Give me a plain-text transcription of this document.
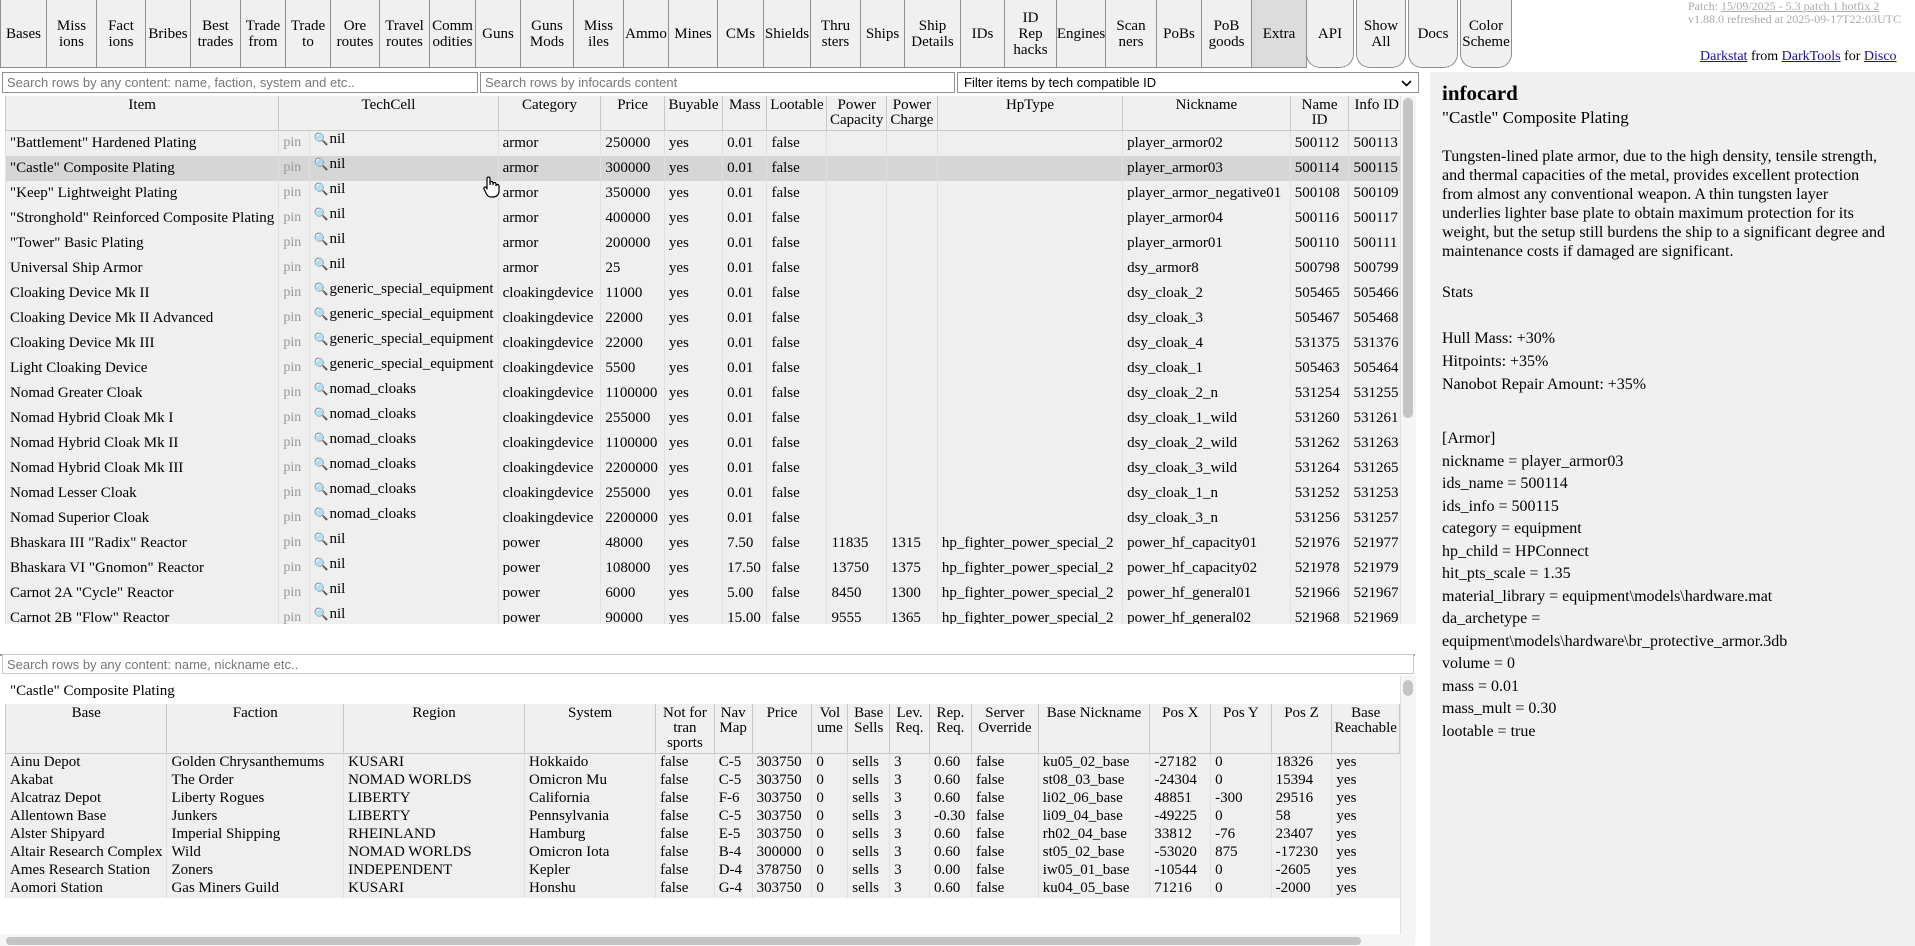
Bases	Miss
ions
Fact
ions Bribes Best
trades
Trade
from
Trade
to
Ore
routes
Travel
routes
Comm
odities Guns	Guns
Mods
Miss
iles	Ammo Mines CMs Shields Thru
sters	Ships	Ship
Details	IDs
ID
Rep
hacks
Engines Scan
ners	PoBs	PoB
goods	Extra	API	Show
All	Docs	Color
Scheme
Patch: 15/09/2025 - 5.3 patch 1 hotfix 2
v1.88.0 refreshed at 2025-09-17T22:03UTC
Darkstat from DarkTools for Disco
Search rows by any content: name, faction, system and etc..
Search rows by infocards content
Filter items by tech compatible ID
Item	TechCell		Category	Price	Buyable	Mass	Lootable	Power
Capacity	Power
Charge	HpType	Nickname	Name ID	Info ID
"Battlement" Hardened Plating	pin	🔍nil	armor	250000	yes	0.01	false				player_armor02	500112	500113
"Castle" Composite Plating	pin	🔍nil	armor	300000	yes	0.01	false				player_armor03	500114	500115
"Keep" Lightweight Plating	pin	🔍nil	armor	350000	yes	0.01	false				player_armor_negative01	500108	500109
"Stronghold" Reinforced Composite Plating	pin	🔍nil	armor	400000	yes	0.01	false				player_armor04	500116	500117
"Tower" Basic Plating	pin	🔍nil	armor	200000	yes	0.01	false				player_armor01	500110	500111
Universal Ship Armor	pin	🔍nil	armor	25	yes	0.01	false				dsy_armor8	500798	500799
Cloaking Device Mk II	pin	🔍generic_special_equipment	cloakingdevice	11000	yes	0.01	false				dsy_cloak_2	505465	505466
Cloaking Device Mk II Advanced	pin	🔍generic_special_equipment	cloakingdevice	22000	yes	0.01	false				dsy_cloak_3	505467	505468
Cloaking Device Mk III	pin	🔍generic_special_equipment	cloakingdevice	22000	yes	0.01	false				dsy_cloak_4	531375	531376
Light Cloaking Device	pin	🔍generic_special_equipment	cloakingdevice	5500	yes	0.01	false				dsy_cloak_1	505463	505464
Nomad Greater Cloak	pin	🔍nomad_cloaks	cloakingdevice	1100000	yes	0.01	false				dsy_cloak_2_n	531254	531255
Nomad Hybrid Cloak Mk I	pin	🔍nomad_cloaks	cloakingdevice	255000	yes	0.01	false				dsy_cloak_1_wild	531260	531261
Nomad Hybrid Cloak Mk II	pin	🔍nomad_cloaks	cloakingdevice	1100000	yes	0.01	false				dsy_cloak_2_wild	531262	531263
Nomad Hybrid Cloak Mk III	pin	🔍nomad_cloaks	cloakingdevice	2200000	yes	0.01	false				dsy_cloak_3_wild	531264	531265
Nomad Lesser Cloak	pin	🔍nomad_cloaks	cloakingdevice	255000	yes	0.01	false				dsy_cloak_1_n	531252	531253
Nomad Superior Cloak	pin	🔍nomad_cloaks	cloakingdevice	2200000	yes	0.01	false				dsy_cloak_3_n	531256	531257
Bhaskara III "Radix" Reactor	pin	🔍nil	power	48000	yes	7.50	false	11835	1315	hp_fighter_power_special_2	power_hf_capacity01	521976	521977
Bhaskara VI "Gnomon" Reactor	pin	🔍nil	power	108000	yes	17.50	false	13750	1375	hp_fighter_power_special_2	power_hf_capacity02	521978	521979
Carnot 2A "Cycle" Reactor	pin	🔍nil	power	6000	yes	5.00	false	8450	1300	hp_fighter_power_special_2	power_hf_general01	521966	521967
Carnot 2B "Flow" Reactor	pin	🔍nil	power	90000	yes	15.00	false	9555	1365	hp_fighter_power_special_2	power_hf_general02	521968	521969
Search rows by any content: name, nickname etc..
"Castle" Composite Plating
Base	Faction	Region	System	Not for
tran
sports	Nav
Map	Price	Vol
ume	Base
Sells	Lev.
Req.	Rep.
Req.	Server
Override	Base Nickname	Pos X	Pos Y	Pos Z	Base
Reachable
Ainu Depot	Golden Chrysanthemums	KUSARI	Hokkaido	false	C-5	303750	0	sells	3	0.60	false	ku05_02_base	-27182	0	18326	yes
Akabat	The Order	NOMAD WORLDS	Omicron Mu	false	C-5	303750	0	sells	3	0.60	false	st08_03_base	-24304	0	15394	yes
Alcatraz Depot	Liberty Rogues	LIBERTY	California	false	F-6	303750	0	sells	3	0.60	false	li02_06_base	48851	-300	29516	yes
Allentown Base	Junkers	LIBERTY	Pennsylvania	false	C-5	303750	0	sells	3	-0.30	false	li09_04_base	-49225	0	58	yes
Alster Shipyard	Imperial Shipping	RHEINLAND	Hamburg	false	E-5	303750	0	sells	3	0.60	false	rh02_04_base	33812	-76	23407	yes
Altair Research Complex	Wild	NOMAD WORLDS	Omicron Iota	false	B-4	300000	0	sells	3	0.60	false	st05_02_base	-53020	875	-17230	yes
Ames Research Station	Zoners	INDEPENDENT	Kepler	false	D-4	378750	0	sells	3	0.00	false	iw05_01_base	-10544	0	-2605	yes
Aomori Station	Gas Miners Guild	KUSARI	Honshu	false	G-4	303750	0	sells	3	0.60	false	ku04_05_base	71216	0	-2000	yes
infocard
"Castle" Composite Plating

Tungsten-lined plate armor, due to the high density, tensile strength, and thermal capacities of the metal, provides excellent protection from almost any conventional weapon. A thin tungsten layer underlies lighter base plate to obtain maximum protection for its weight, but the setup still burdens the ship to a significant degree and maintenance costs if damaged are significant.

Stats
Hull Mass: +30%
Hitpoints: +35%
Nanobot Repair Amount: +35%
[Armor]
nickname = player_armor03
ids_name = 500114
ids_info = 500115
category = equipment
hp_child = HPConnect
hit_pts_scale = 1.35
material_library = equipment\models\hardware.mat
da_archetype =
equipment\models\hardware\br_protective_armor.3db
volume = 0
mass = 0.01
mass_mult = 0.30
lootable = true
